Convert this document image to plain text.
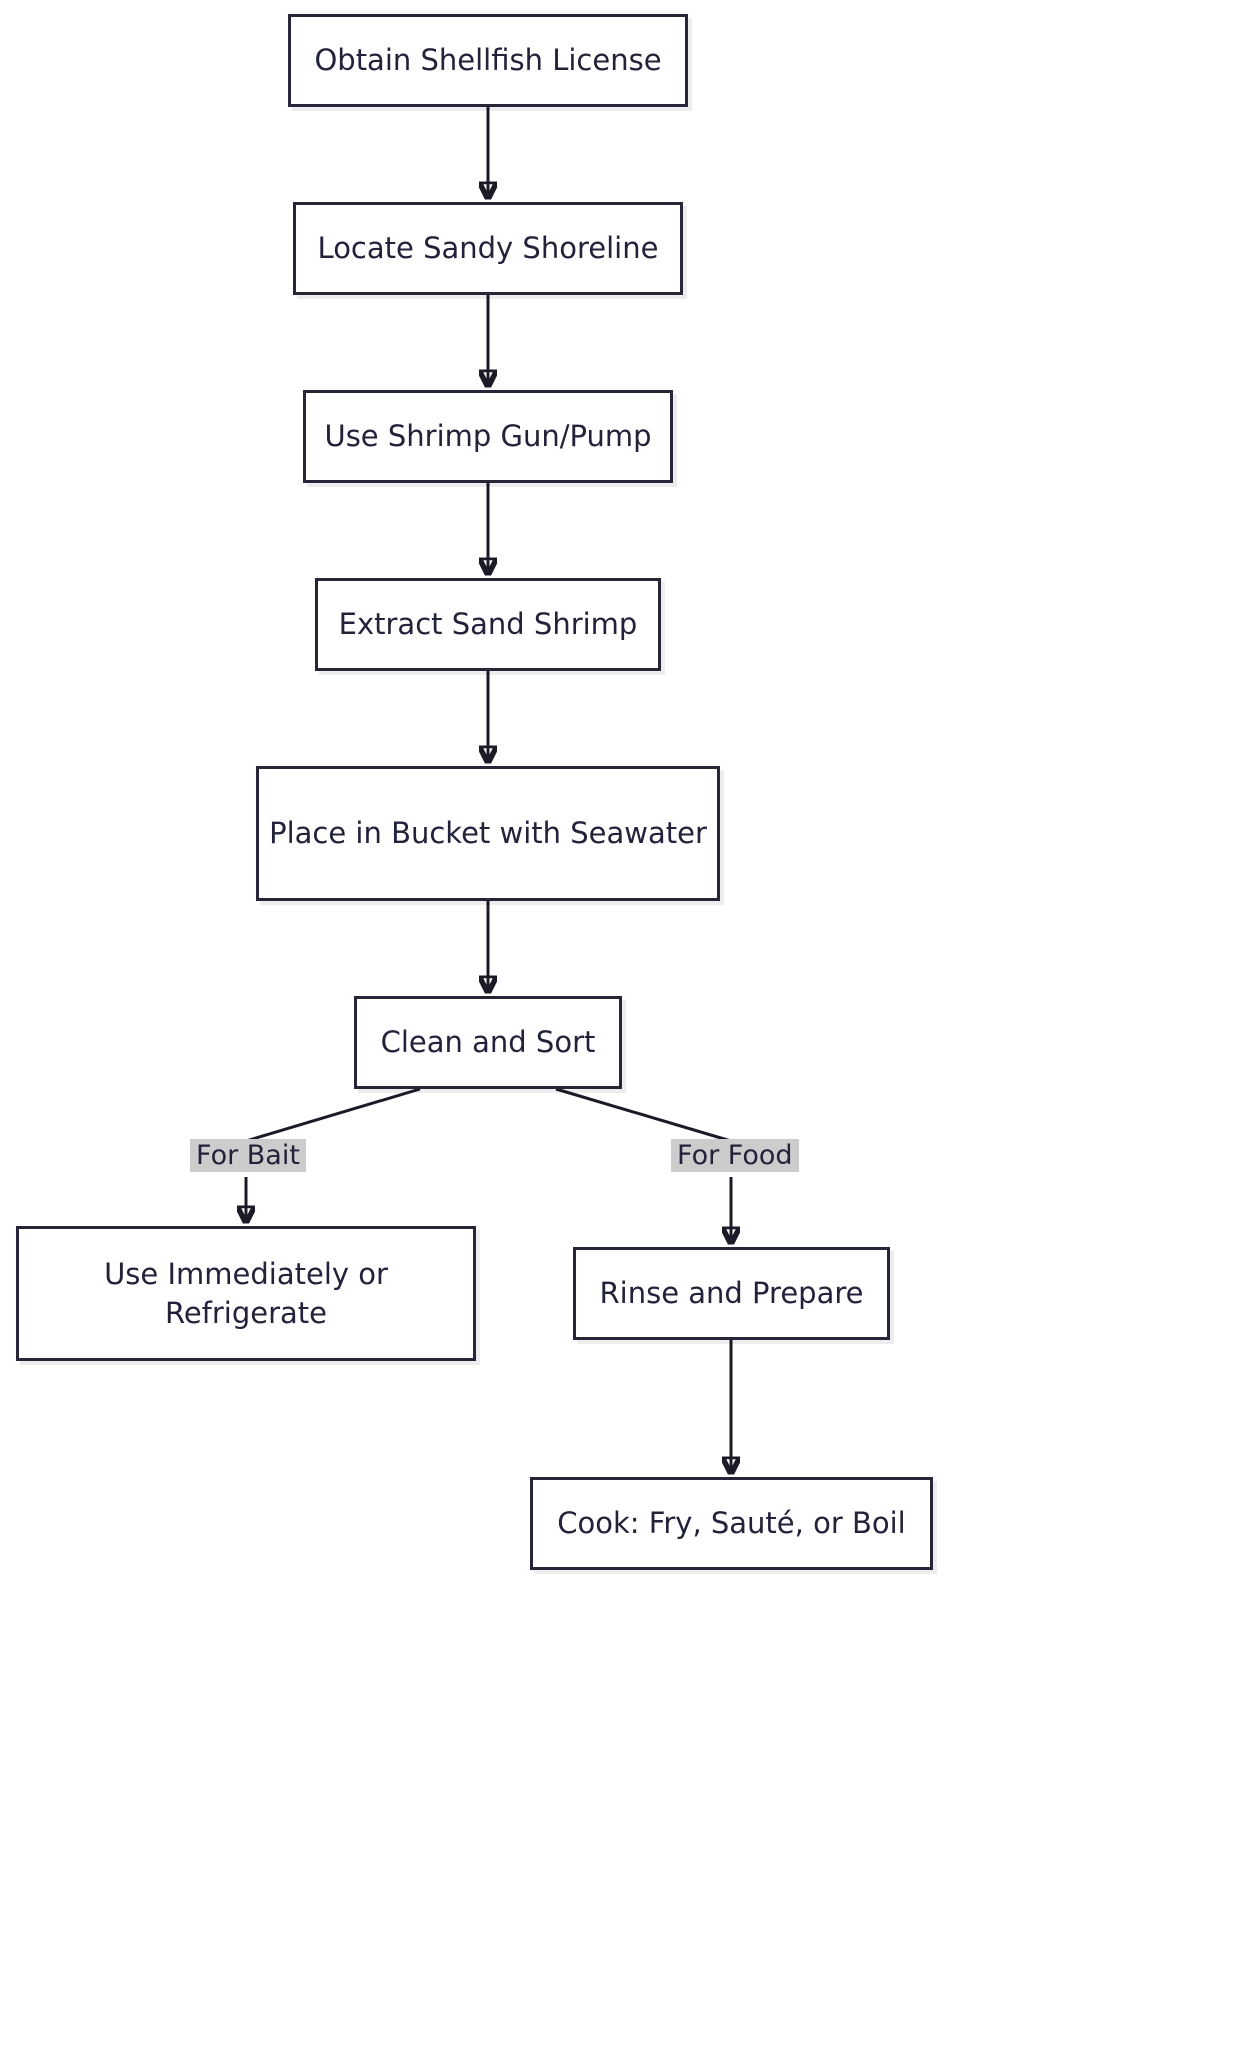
Obtain Shellfish License
Locate Sandy Shoreline
Use Shrimp Gun/Pump
Extract Sand Shrimp
Place in Bucket with Seawater
Clean and Sort
For Bait	For Food
Use Immediately or Refrigerate
Rinse and Prepare
Cook: Fry, Sauté, or Boil
